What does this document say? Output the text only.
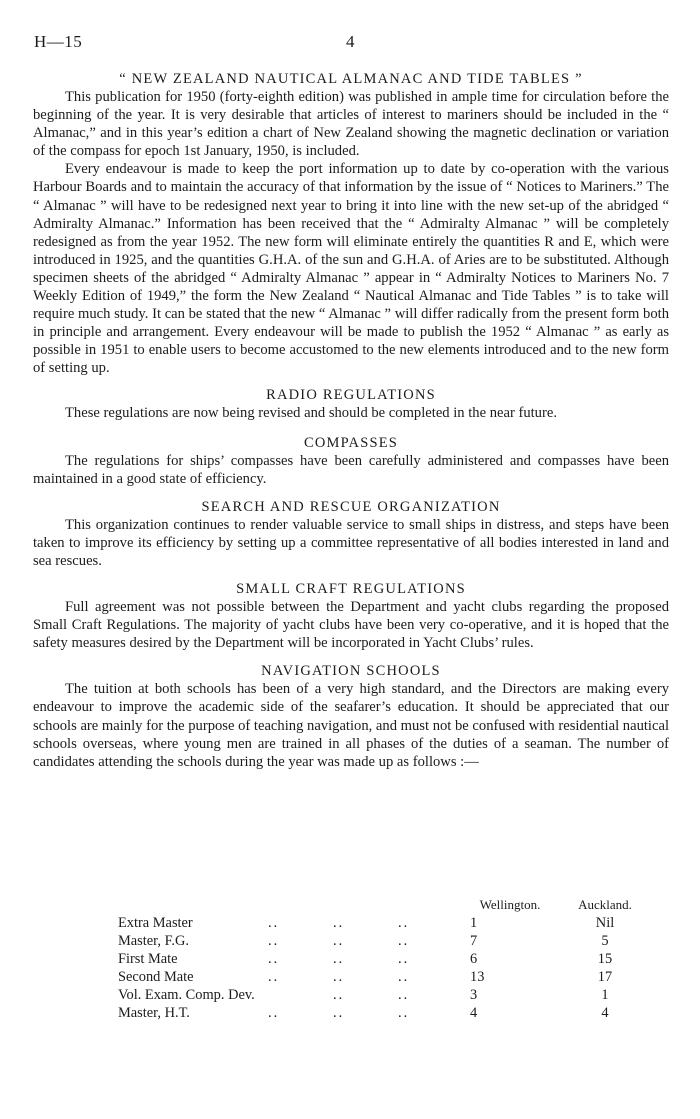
H—15	4
“ NEW ZEALAND NAUTICAL ALMANAC AND TIDE TABLES ”

This publication for 1950 (forty-eighth edition) was published in ample time for circulation before the beginning of the year. It is very desirable that articles of interest to mariners should be included in the “ Almanac,” and in this year’s edition a chart of New Zealand showing the magnetic declination or variation of the compass for epoch 1st January, 1950, is included.

Every endeavour is made to keep the port information up to date by co-operation with the various Harbour Boards and to maintain the accuracy of that information by the issue of “ Notices to Mariners.” The “ Almanac ” will have to be redesigned next year to bring it into line with the new set-up of the abridged “ Admiralty Almanac.” Information has been received that the “ Admiralty Almanac ” will be completely redesigned as from the year 1952. The new form will eliminate entirely the quantities R and E, which were introduced in 1925, and the quantities G.H.A. of the sun and G.H.A. of Aries are to be substituted. Although specimen sheets of the abridged “ Admiralty Almanac ” appear in “ Admiralty Notices to Mariners No. 7 Weekly Edition of 1949,” the form the New Zealand “ Nautical Almanac and Tide Tables ” is to take will require much study. It can be stated that the new “ Almanac ” will differ radically from the present form both in principle and arrangement. Every endeavour will be made to publish the 1952 “ Almanac ” as early as possible in 1951 to enable users to become accustomed to the new elements introduced and to the new form of setting up.

RADIO REGULATIONS

These regulations are now being revised and should be completed in the near future.

COMPASSES

The regulations for ships’ compasses have been carefully administered and compasses have been maintained in a good state of efficiency.

SEARCH AND RESCUE ORGANIZATION

This organization continues to render valuable service to small ships in distress, and steps have been taken to improve its efficiency by setting up a committee representative of all bodies interested in land and sea rescues.

SMALL CRAFT REGULATIONS

Full agreement was not possible between the Department and yacht clubs regarding the proposed Small Craft Regulations. The majority of yacht clubs have been very co-operative, and it is hoped that the safety measures desired by the Department will be incorporated in Yacht Clubs’ rules.

NAVIGATION SCHOOLS

The tuition at both schools has been of a very high standard, and the Directors are making every endeavour to improve the academic side of the seafarer’s education. It should be appreciated that our schools are mainly for the purpose of teaching navigation, and must not be confused with residential nautical schools overseas, where young men are trained in all phases of the duties of a seaman. The number of candidates attending the schools during the year was made up as follows :—

				Wellington.	Auckland.
Extra Master	..	..	..	1	Nil
Master, F.G.	..	..	..	7	5
First Mate	..	..	..	6	15
Second Mate	..	..	..	13	17
Vol. Exam. Comp. Dev.		..	..	3	1
Master, H.T.	..	..	..	4	4
